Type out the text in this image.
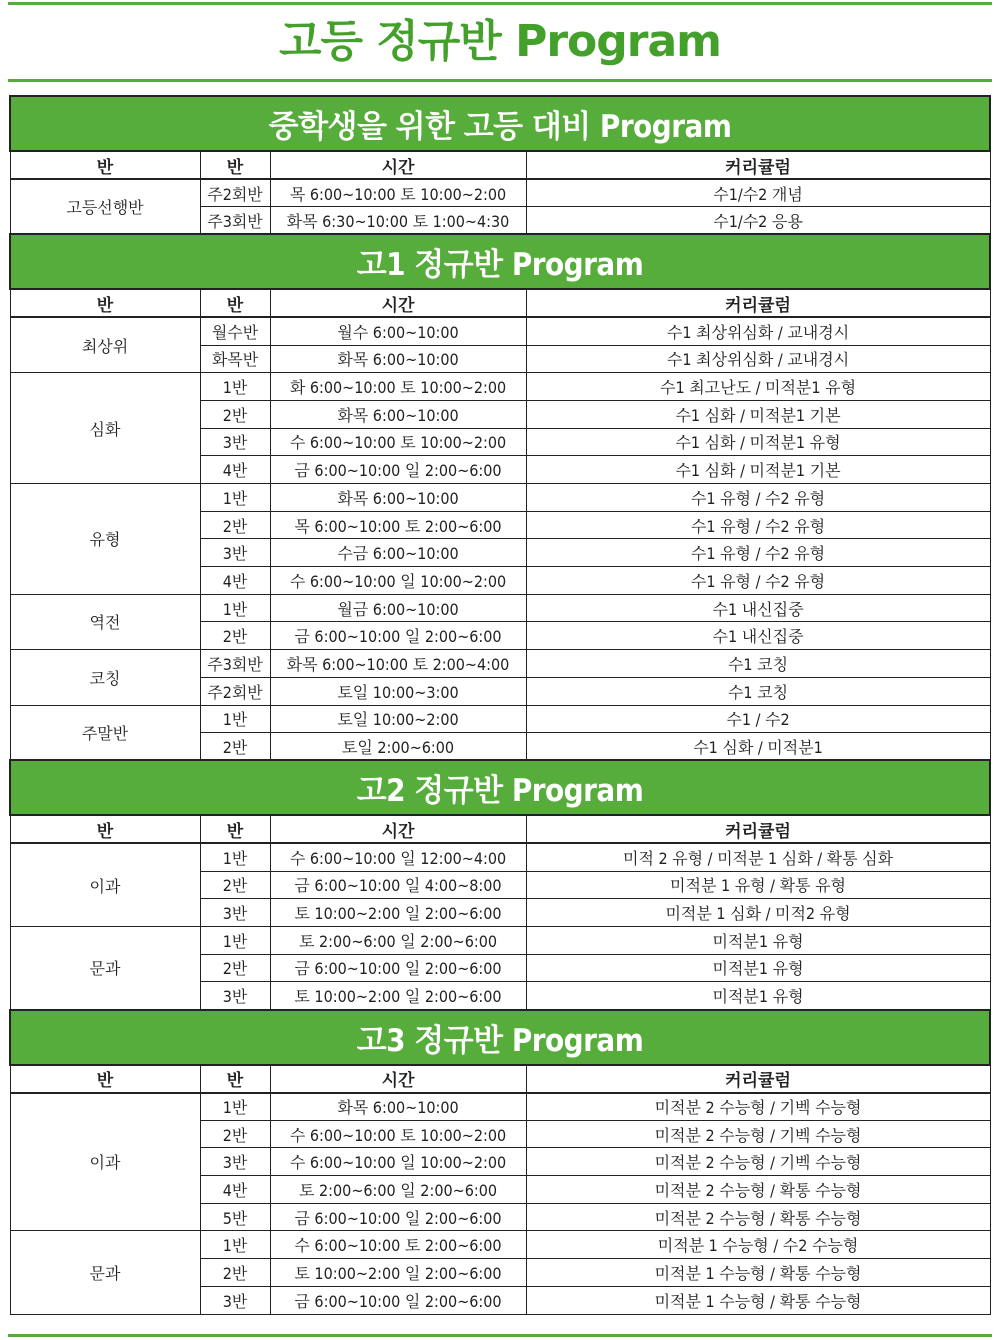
고등 정규반 Program
중학생을 위한 고등 대비 Program			
반	반	시간	커리큘럼
고등선행반	주2회반	목 6:00~10:00 토 10:00~2:00	수1/수2 개념
	주3회반	화목 6:30~10:00 토 1:00~4:30	수1/수2 응용
고1 정규반 Program			
반	반	시간	커리큘럼
최상위	월수반	월수 6:00~10:00	수1 최상위심화 / 교내경시
	화목반	화목 6:00~10:00	수1 최상위심화 / 교내경시
심화	1반	화 6:00~10:00 토 10:00~2:00	수1 최고난도 / 미적분1 유형
	2반	화목 6:00~10:00	수1 심화 / 미적분1 기본
	3반	수 6:00~10:00 토 10:00~2:00	수1 심화 / 미적분1 유형
	4반	금 6:00~10:00 일 2:00~6:00	수1 심화 / 미적분1 기본
유형	1반	화목 6:00~10:00	수1 유형 / 수2 유형
	2반	목 6:00~10:00 토 2:00~6:00	수1 유형 / 수2 유형
	3반	수금 6:00~10:00	수1 유형 / 수2 유형
	4반	수 6:00~10:00 일 10:00~2:00	수1 유형 / 수2 유형
역전	1반	월금 6:00~10:00	수1 내신집중
	2반	금 6:00~10:00 일 2:00~6:00	수1 내신집중
코칭	주3회반	화목 6:00~10:00 토 2:00~4:00	수1 코칭
	주2회반	토일 10:00~3:00	수1 코칭
주말반	1반	토일 10:00~2:00	수1 / 수2
	2반	토일 2:00~6:00	수1 심화 / 미적분1
고2 정규반 Program			
반	반	시간	커리큘럼
이과	1반	수 6:00~10:00 일 12:00~4:00	미적 2 유형 / 미적분 1 심화 / 확통 심화
	2반	금 6:00~10:00 일 4:00~8:00	미적분 1 유형 / 확통 유형
	3반	토 10:00~2:00 일 2:00~6:00	미적분 1 심화 / 미적2 유형
문과	1반	토 2:00~6:00 일 2:00~6:00	미적분1 유형
	2반	금 6:00~10:00 일 2:00~6:00	미적분1 유형
	3반	토 10:00~2:00 일 2:00~6:00	미적분1 유형
고3 정규반 Program			
반	반	시간	커리큘럼
이과	1반	화목 6:00~10:00	미적분 2 수능형 / 기벡 수능형
	2반	수 6:00~10:00 토 10:00~2:00	미적분 2 수능형 / 기벡 수능형
	3반	수 6:00~10:00 일 10:00~2:00	미적분 2 수능형 / 기벡 수능형
	4반	토 2:00~6:00 일 2:00~6:00	미적분 2 수능형 / 확통 수능형
	5반	금 6:00~10:00 일 2:00~6:00	미적분 2 수능형 / 확통 수능형
문과	1반	수 6:00~10:00 토 2:00~6:00	미적분 1 수능형 / 수2 수능형
	2반	토 10:00~2:00 일 2:00~6:00	미적분 1 수능형 / 확통 수능형
	3반	금 6:00~10:00 일 2:00~6:00	미적분 1 수능형 / 확통 수능형
